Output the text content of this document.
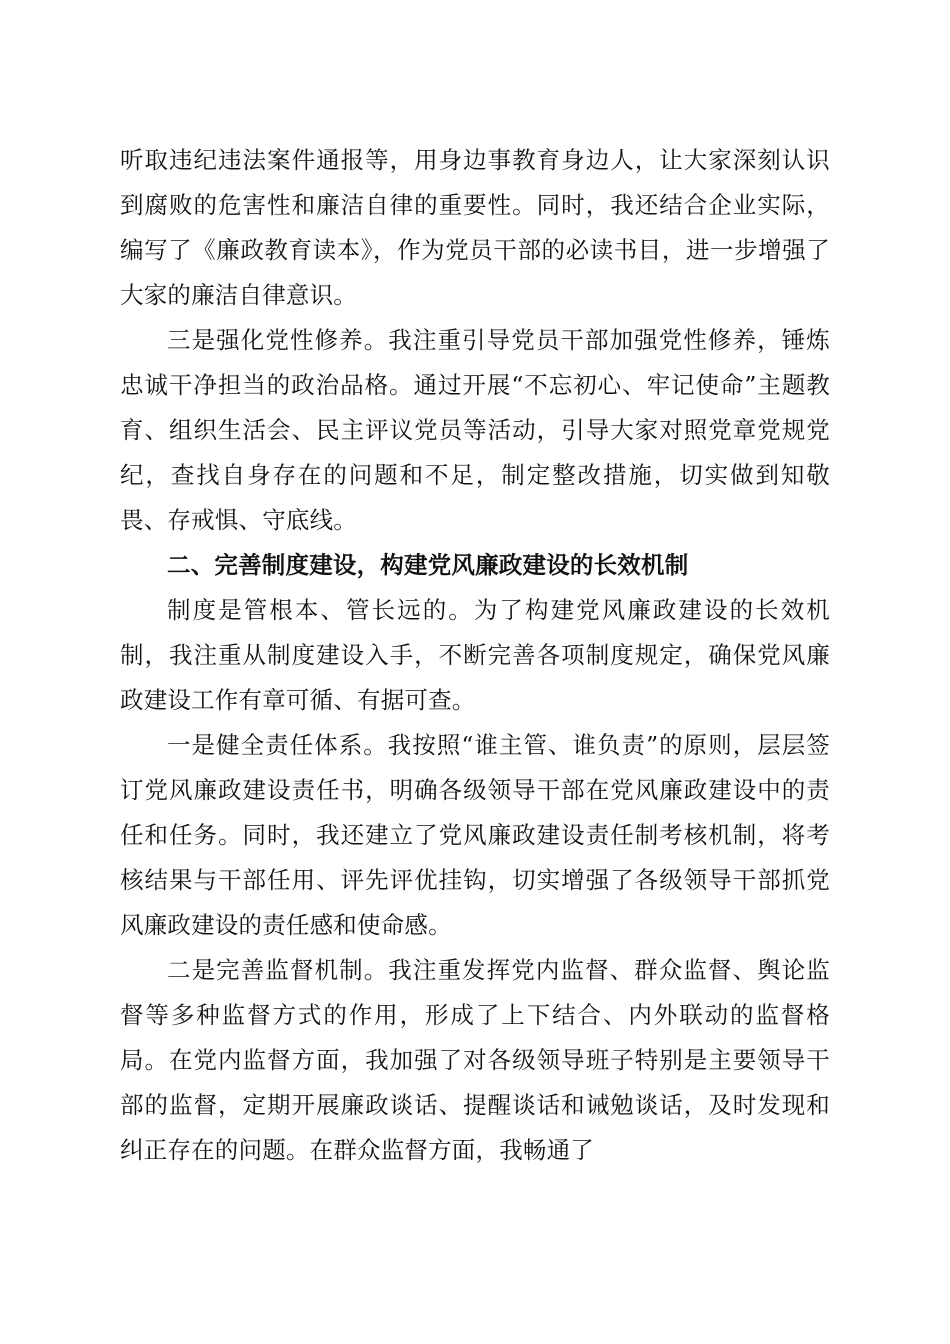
听取违纪违法案件通报等，用身边事教育身边人，让大家深刻认识到腐败的危害性和廉洁自律的重要性。同时，我还结合企业实际，编写了《廉政教育读本》，作为党员干部的必读书目，进一步增强了大家的廉洁自律意识。

三是强化党性修养。我注重引导党员干部加强党性修养，锤炼忠诚干净担当的政治品格。通过开展“不忘初心、牢记使命”主题教育、组织生活会、民主评议党员等活动，引导大家对照党章党规党纪，查找自身存在的问题和不足，制定整改措施，切实做到知敬畏、存戒惧、守底线。

二、完善制度建设，构建党风廉政建设的长效机制

制度是管根本、管长远的。为了构建党风廉政建设的长效机制，我注重从制度建设入手，不断完善各项制度规定，确保党风廉政建设工作有章可循、有据可查。

一是健全责任体系。我按照“谁主管、谁负责”的原则，层层签订党风廉政建设责任书，明确各级领导干部在党风廉政建设中的责任和任务。同时，我还建立了党风廉政建设责任制考核机制，将考核结果与干部任用、评先评优挂钩，切实增强了各级领导干部抓党风廉政建设的责任感和使命感。

二是完善监督机制。我注重发挥党内监督、群众监督、舆论监督等多种监督方式的作用，形成了上下结合、内外联动的监督格局。在党内监督方面，我加强了对各级领导班子特别是主要领导干部的监督，定期开展廉政谈话、提醒谈话和诫勉谈话，及时发现和纠正存在的问题。在群众监督方面，我畅通了
